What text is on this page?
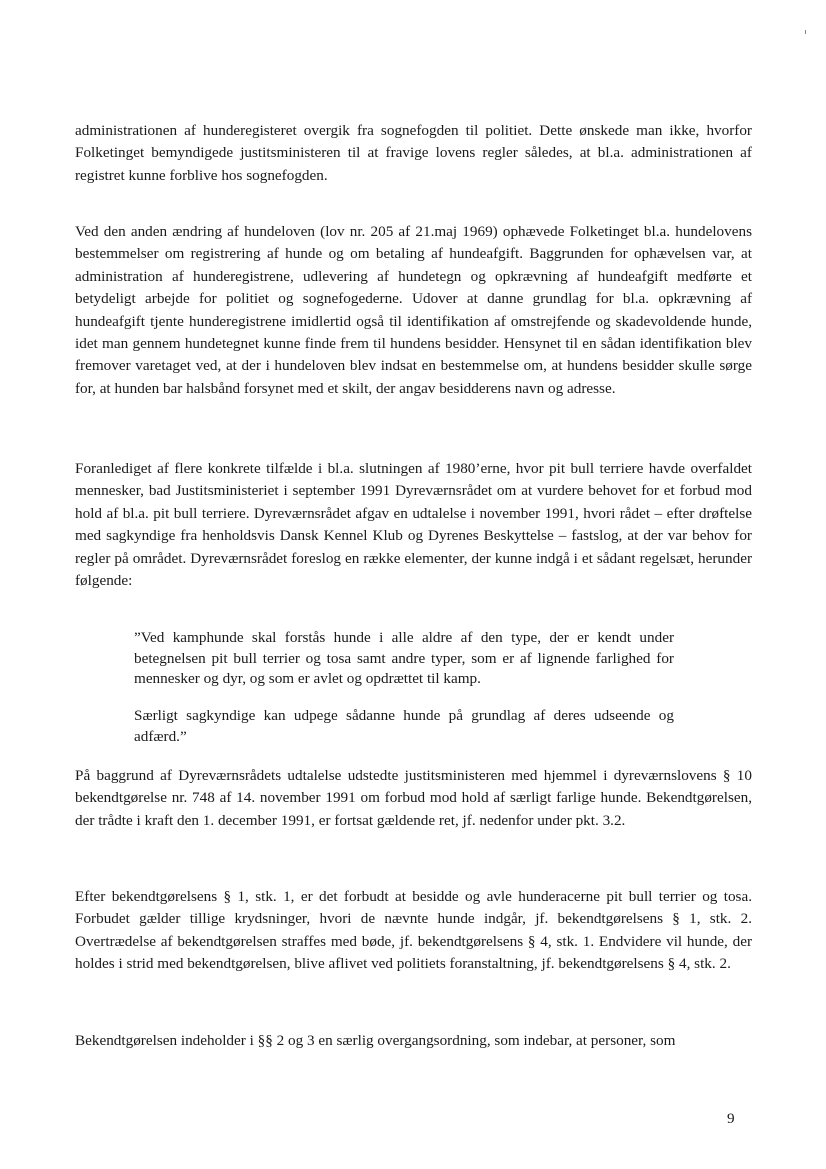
administrationen af hunderegisteret overgik fra sognefogden til politiet. Dette ønskede man ikke, hvorfor Folketinget bemyndigede justitsministeren til at fravige lovens regler således, at bl.a. administrationen af registret kunne forblive hos sognefogden.

Ved den anden ændring af hundeloven (lov nr. 205 af 21.maj 1969) ophævede Folketinget bl.a. hundelovens bestemmelser om registrering af hunde og om betaling af hundeafgift. Baggrunden for ophævelsen var, at administration af hunderegistrene, udlevering af hundetegn og opkrævning af hundeafgift medførte et betydeligt arbejde for politiet og sognefogederne. Udover at danne grundlag for bl.a. opkrævning af hundeafgift tjente hunderegistrene imidlertid også til identifikation af omstrejfende og skadevoldende hunde, idet man gennem hundetegnet kunne finde frem til hundens besidder. Hensynet til en sådan identifikation blev fremover varetaget ved, at der i hundeloven blev indsat en bestemmelse om, at hundens besidder skulle sørge for, at hunden bar halsbånd forsynet med et skilt, der angav besidderens navn og adresse.

Foranlediget af flere konkrete tilfælde i bl.a. slutningen af 1980’erne, hvor pit bull terriere havde overfaldet mennesker, bad Justitsministeriet i september 1991 Dyreværnsrådet om at vurdere behovet for et forbud mod hold af bl.a. pit bull terriere. Dyreværnsrådet afgav en udtalelse i november 1991, hvori rådet – efter drøftelse med sagkyndige fra henholdsvis Dansk Kennel Klub og Dyrenes Beskyttelse – fastslog, at der var behov for regler på området. Dyreværnsrådet foreslog en række elementer, der kunne indgå i et sådant regelsæt, herunder følgende:

”Ved kamphunde skal forstås hunde i alle aldre af den type, der er kendt under betegnelsen pit bull terrier og tosa samt andre typer, som er af lignende farlighed for mennesker og dyr, og som er avlet og opdrættet til kamp.

Særligt sagkyndige kan udpege sådanne hunde på grundlag af deres udseende og adfærd.”

På baggrund af Dyreværnsrådets udtalelse udstedte justitsministeren med hjemmel i dyreværnslovens § 10 bekendtgørelse nr. 748 af 14. november 1991 om forbud mod hold af særligt farlige hunde. Bekendtgørelsen, der trådte i kraft den 1. december 1991, er fortsat gældende ret, jf. nedenfor under pkt. 3.2.

Efter bekendtgørelsens § 1, stk. 1, er det forbudt at besidde og avle hunderacerne pit bull terrier og tosa. Forbudet gælder tillige krydsninger, hvori de nævnte hunde indgår, jf. bekendtgørelsens § 1, stk. 2. Overtrædelse af bekendtgørelsen straffes med bøde, jf. bekendtgørelsens § 4, stk. 1. Endvidere vil hunde, der holdes i strid med bekendtgørelsen, blive aflivet ved politiets foranstaltning, jf. bekendtgørelsens § 4, stk. 2.

Bekendtgørelsen indeholder i §§ 2 og 3 en særlig overgangsordning, som indebar, at personer, som

9
